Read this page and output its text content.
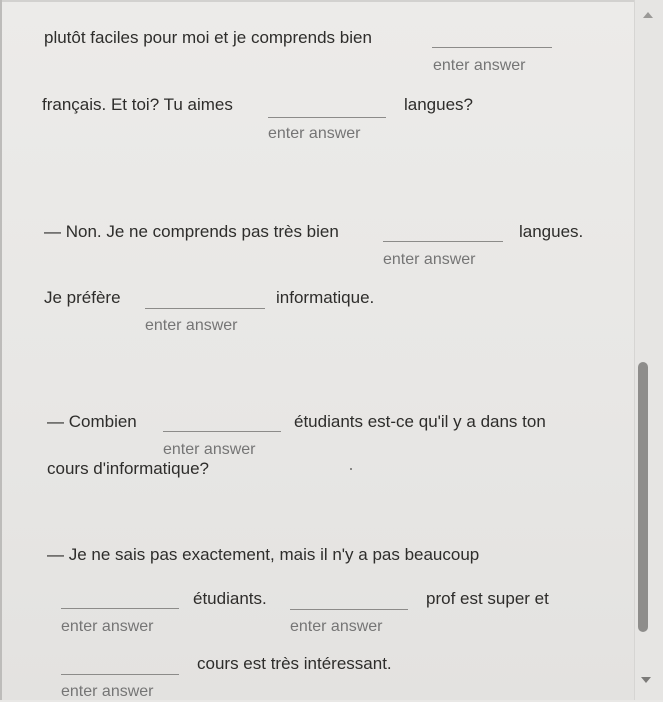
plutôt faciles pour moi et je comprends bien
enter answer
français. Et toi? Tu aimes
enter answer	langues?
— Non. Je ne comprends pas très bien
enter answer	langues.
Je préfère
enter answer	informatique.
— Combien
enter answer	étudiants est-ce qu'il y a dans ton
cours d'informatique?
— Je ne sais pas exactement, mais il n'y a pas beaucoup
enter answer
étudiants.
enter answer	prof est super et
enter answer
cours est très intéressant.
